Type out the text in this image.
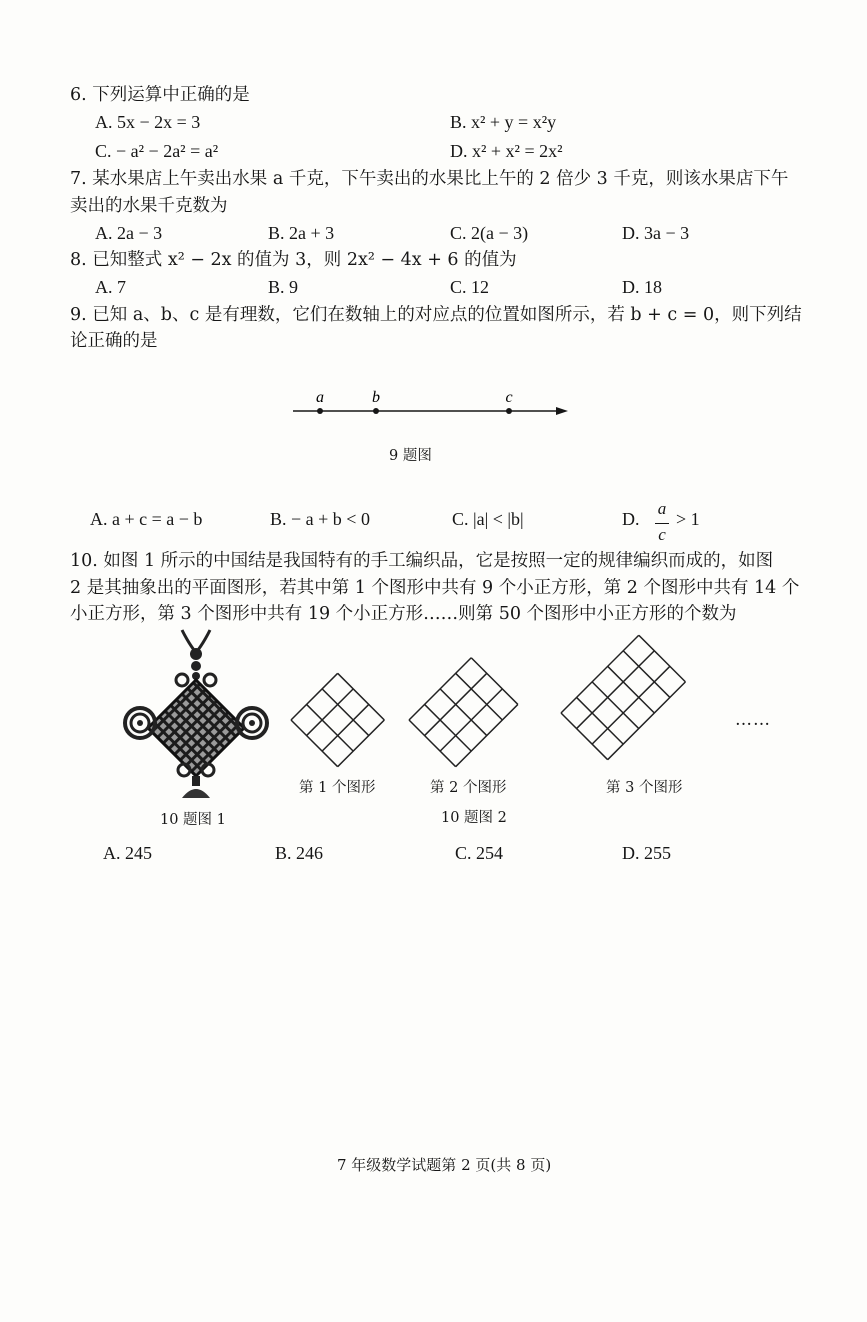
6. 下列运算中正确的是
A. 5x − 2x = 3	B. x² + y = x²y
C. − a² − 2a² = a²	D. x² + x² = 2x²
7. 某水果店上午卖出水果 a 千克，下午卖出的水果比上午的 2 倍少 3 千克，则该水果店下午
卖出的水果千克数为
A. 2a − 3	B. 2a + 3	C. 2(a − 3)	D. 3a − 3
8. 已知整式 x² − 2x 的值为 3，则 2x² − 4x + 6 的值为
A. 7	B. 9	C. 12	D. 18
9. 已知 a、b、c 是有理数，它们在数轴上的对应点的位置如图所示，若 b + c = 0，则下列结
论正确的是
a	b	c
9 题图
A. a + c = a − b	B. − a + b < 0	C. |a| < |b|	D.
a
c
> 1
10. 如图 1 所示的中国结是我国特有的手工编织品，它是按照一定的规律编织而成的，如图
2 是其抽象出的平面图形，若其中第 1 个图形中共有 9 个小正方形，第 2 个图形中共有 14 个
小正方形，第 3 个图形中共有 19 个小正方形……则第 50 个图形中小正方形的个数为
10 题图 1
……
第 1 个图形	第 2 个图形	第 3 个图形
10 题图 2
A. 245	B. 246	C. 254	D. 255
7 年级数学试题第 2 页(共 8 页)
